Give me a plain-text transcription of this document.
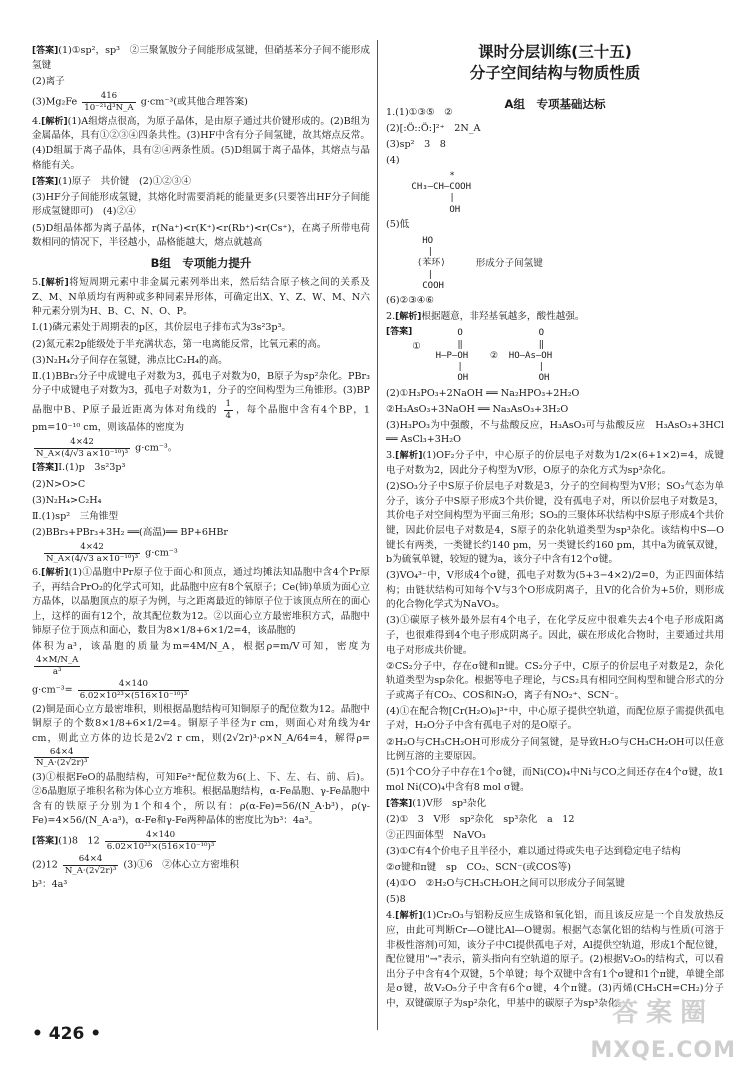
[答案](1)①sp²，sp³　②三聚氰胺分子间能形成氢键，但硝基苯分子间不能形成氢键

(2)离子

$(3)Mg_2Fe \frac{416}{\text{10⁻²¹d³N\_A}} g\cdot cm^{-3}$(或其他合理答案)

4.[解析](1)A组熔点很高，为原子晶体，是由原子通过共价键形成的。(2)B组为金属晶体，具有①②③④四条共性。(3)HF中含有分子间氢键，故其熔点反常。(4)D组属于离子晶体，具有②④两条性质。(5)D组属于离子晶体，其熔点与晶格能有关。

[答案](1)原子　共价键　(2)①②③④

(3)HF分子间能形成氢键，其熔化时需要消耗的能量更多(只要答出HF分子间能形成氢键即可)　(4)②④

(5)D组晶体都为离子晶体，r(Na⁺)<r(K⁺)<r(Rb⁺)<r(Cs⁺)，在离子所带电荷数相同的情况下，半径越小，晶格能越大，熔点就越高

B组　专项能力提升

5.[解析]将短周期元素中非金属元素列举出来，然后结合原子核之间的关系及Z、M、N单质均有两种或多种同素异形体，可确定出X、Y、Z、W、M、N六种元素分别为H、B、C、N、O、P。

Ⅰ.(1)磷元素处于周期表的p区，其价层电子排布式为3s²3p³。

(2)氮元素2p能级处于半充满状态，第一电离能反常，比氧元素的高。

(3)N₂H₄分子间存在氢键，沸点比C₂H₄的高。

Ⅱ.(1)BBr₃分子中成键电子对数为3，孤电子对数为0，B原子为sp²杂化。PBr₃分子中成键电子对数为3，孤电子对数为1，分子的空间构型为三角锥形。(3)BP晶胞中B、P原子最近距离为体对角线的 $\frac{1}{4}$ ，每个晶胞中含有4个BP，1 pm=10⁻¹⁰ cm，则该晶体的密度为

$\frac{4\times 42}{\text{N\_A×(4/√3 a×10⁻¹⁰)³}} g\cdot cm^{-3}$。

[答案]Ⅰ.(1)p　3s²3p³

(2)N>O>C

(3)N₂H₄>C₂H₄

Ⅱ.(1)sp²　三角锥型

(2)BBr₃+PBr₃+3H₂ ══(高温)══ BP+6HBr

$\frac{4\times 42}{\text{N\_A×(4/√3 a×10⁻¹⁰)³}} g\cdot cm^{-3}$

6.[解析](1)①晶胞中Pr原子位于面心和顶点，通过均摊法知晶胞中含4个Pr原子，再结合PrO₂的化学式可知，此晶胞中应有8个氧原子；Ce(铈)单质为面心立方晶体，以晶胞顶点的原子为例，与之距离最近的铈原子位于该顶点所在的面心上，这样的面有12个，故其配位数为12。②以面心立方最密堆积方式，晶胞中铈原子位于顶点和面心，数目为8×1/8+6×1/2=4，该晶胞的

体积为a³，该晶胞的质量为m=4M/N_A，根据ρ=m/V可知，密度为
$\frac{4\times M/N\_A}{\text{a³}}$

$g\cdot cm^{-3}= \frac{4\times 140}{\text{6.02×10²³×(516×10⁻¹⁰)³}}$

(2)铜是面心立方最密堆积，则根据晶胞结构可知铜原子的配位数为12。晶胞中铜原子的个数8×1/8+6×1/2=4。铜原子半径为r cm，则面心对角线为4r cm，则此立方体的边长是2√2 r cm，则(2√2r)³·ρ×N_A/64=4，解得ρ=
$\frac{64\times 4}{\text{N\_A·(2√2r)³}}$

(3)①根据FeO的晶胞结构，可知Fe²⁺配位数为6(上、下、左、右、前、后)。②δ晶胞原子堆积名称为体心立方堆积。根据晶胞结构，α-Fe晶胞、γ-Fe晶胞中含有的铁原子分别为1个和4个，所以有：ρ(α-Fe)=56/(N_A·b³)，ρ(γ-Fe)=4×56/(N_A·a³)，α-Fe和γ-Fe两种晶体的密度比为b³：4a³。

[答案](1)8　$12 \frac{4\times 140}{\text{6.02×10²³×(516×10⁻¹⁰)³}}$

$(2)12 \frac{64\times 4}{\text{N\_A·(2√2r)³}}$ (3)①6　②体心立方密堆积

b³：4a³

课时分层训练(三十五)
分子空间结构与物质性质
A组　专项基础达标

1.(1)①③⑤　②

(2)[:Ö::Ö:]²⁺　2N_A

(3)sp²　3　8

(4)

*
CH₃—CH—COOH
|
OH

(5)低

HO
|
⟨苯环⟩
|
COOH
形成分子间氢键

(6)②③④⑥

2.[解析]根据题意，非羟基氧越多，酸性越强。

[答案]
①
O              O
‖              ‖
H—P—OH    ②  HO—As—OH
|              |
OH             OH

(2)①H₃PO₃+2NaOH ══ Na₂HPO₃+2H₂O

②H₃AsO₃+3NaOH ══ Na₃AsO₃+3H₂O

(3)H₃PO₃为中强酸，不与盐酸反应，H₃AsO₃可与盐酸反应　H₃AsO₃+3HCl ══ AsCl₃+3H₂O

3.[解析](1)OF₂分子中，中心原子的价层电子对数为1/2×(6+1×2)=4，成键电子对数为2，因此分子构型为V形，O原子的杂化方式为sp³杂化。

(2)SO₃分子中S原子价层电子对数是3，分子的空间构型为V形；SO₃气态为单分子，该分子中S原子形成3个共价键，没有孤电子对，所以价层电子对数是3，其价电子对空间构型为平面三角形；SO₃的三聚体环状结构中S原子形成4个共价键，因此价层电子对数是4，S原子的杂化轨道类型为sp³杂化。该结构中S—O键长有两类，一类键长约140 pm，另一类键长约160 pm，其中a为硫氧双键，b为硫氧单键，较短的键为a，该分子中含有12个σ键。

(3)VO₄³⁻中，V形成4个σ键，孤电子对数为(5+3−4×2)/2=0，为正四面体结构；由链状结构可知每个V与3个O形成阴离子，且V的化合价为+5价，则形成的化合物化学式为NaVO₃。

(3)①碳原子核外最外层有4个电子，在化学反应中很难失去4个电子形成阳离子，也很难得到4个电子形成阴离子。因此，碳在形成化合物时，主要通过共用电子对形成共价键。

②CS₂分子中，存在σ键和π键。CS₂分子中，C原子的价层电子对数是2，杂化轨道类型为sp杂化。根据等电子理论，与CS₂具有相同空间构型和键合形式的分子或离子有CO₂、COS和N₂O，离子有NO₂⁺、SCN⁻。

(4)①在配合物[Cr(H₂O)₆]³⁺中，中心原子提供空轨道，而配位原子需提供孤电子对，H₂O分子中含有孤电子对的是O原子。

②H₂O与CH₃CH₂OH可形成分子间氢键，是导致H₂O与CH₃CH₂OH可以任意比例互溶的主要原因。

(5)1个CO分子中存在1个σ键，而Ni(CO)₄中Ni与CO之间还存在4个σ键，故1 mol Ni(CO)₄中含有8 mol σ键。

[答案](1)V形　sp³杂化

(2)①　3　V形　sp²杂化　sp³杂化　a　12

②正四面体型　NaVO₃

(3)①C有4个价电子且半径小，难以通过得或失电子达到稳定电子结构

②σ键和π键　sp　CO₂、SCN⁻(或COS等)

(4)①O　②H₂O与CH₃CH₂OH之间可以形成分子间氢键

(5)8

4.[解析](1)Cr₂O₃与铝粉反应生成铬和氧化铝，而且该反应是一个自发放热反应，由此可判断Cr—O键比Al—O键弱。根据气态氯化铝的结构与性质(可溶于非极性溶剂)可知，该分子中Cl提供孤电子对，Al提供空轨道，形成1个配位键，配位键用"→"表示，箭头指向有空轨道的原子。(2)根据V₂O₅的结构式，可以看出分子中含有4个双键，5个单键；每个双键中含有1个σ键和1个π键，单键全部是σ键，故V₂O₅分子中含有6个σ键，4个π键。(3)丙烯(CH₃CH=CH₂)分子中，双键碳原子为sp²杂化，甲基中的碳原子为sp³杂化。

• 426 •
答案圈
MXQE.COM
